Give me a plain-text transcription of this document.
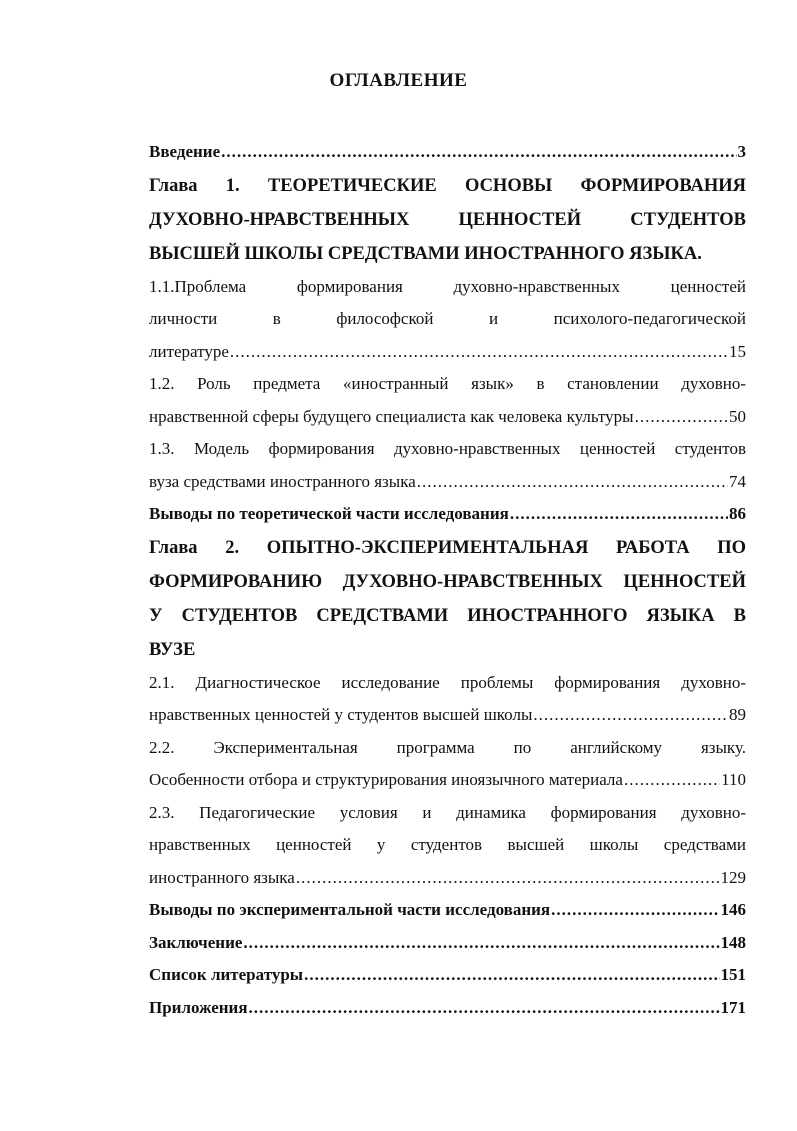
ОГЛАВЛЕНИЕ
Введение .....	3
Глава 1. ТЕОРЕТИЧЕСКИЕ ОСНОВЫ ФОРМИРОВАНИЯ
ДУХОВНО-НРАВСТВЕННЫХ ЦЕННОСТЕЙ СТУДЕНТОВ
ВЫСШЕЙ ШКОЛЫ СРЕДСТВАМИ ИНОСТРАННОГО ЯЗЫКА.
1.1.Проблема формирования духовно-нравственных ценностей
личности в философской и психолого-педагогической
литературе .....	15
1.2. Роль предмета «иностранный язык» в становлении духовно-
нравственной сферы будущего специалиста как человека культуры .....	50
1.3. Модель формирования духовно-нравственных ценностей студентов
вуза средствами иностранного языка .....	74
Выводы по теоретической части исследования .....	86
Глава 2. ОПЫТНО-ЭКСПЕРИМЕНТАЛЬНАЯ РАБОТА ПО
ФОРМИРОВАНИЮ ДУХОВНО-НРАВСТВЕННЫХ ЦЕННОСТЕЙ
У СТУДЕНТОВ СРЕДСТВАМИ ИНОСТРАННОГО ЯЗЫКА В
ВУЗЕ
2.1. Диагностическое исследование проблемы формирования духовно-
нравственных ценностей у студентов высшей школы .....	89
2.2. Экспериментальная программа по английскому языку.
Особенности отбора и структурирования иноязычного материала .....	110
2.3. Педагогические условия и динамика формирования духовно-
нравственных ценностей у студентов высшей школы средствами
иностранного языка .....	129
Выводы по экспериментальной части исследования .....	146
Заключение .....	148
Список литературы .....	151
Приложения .....	171
